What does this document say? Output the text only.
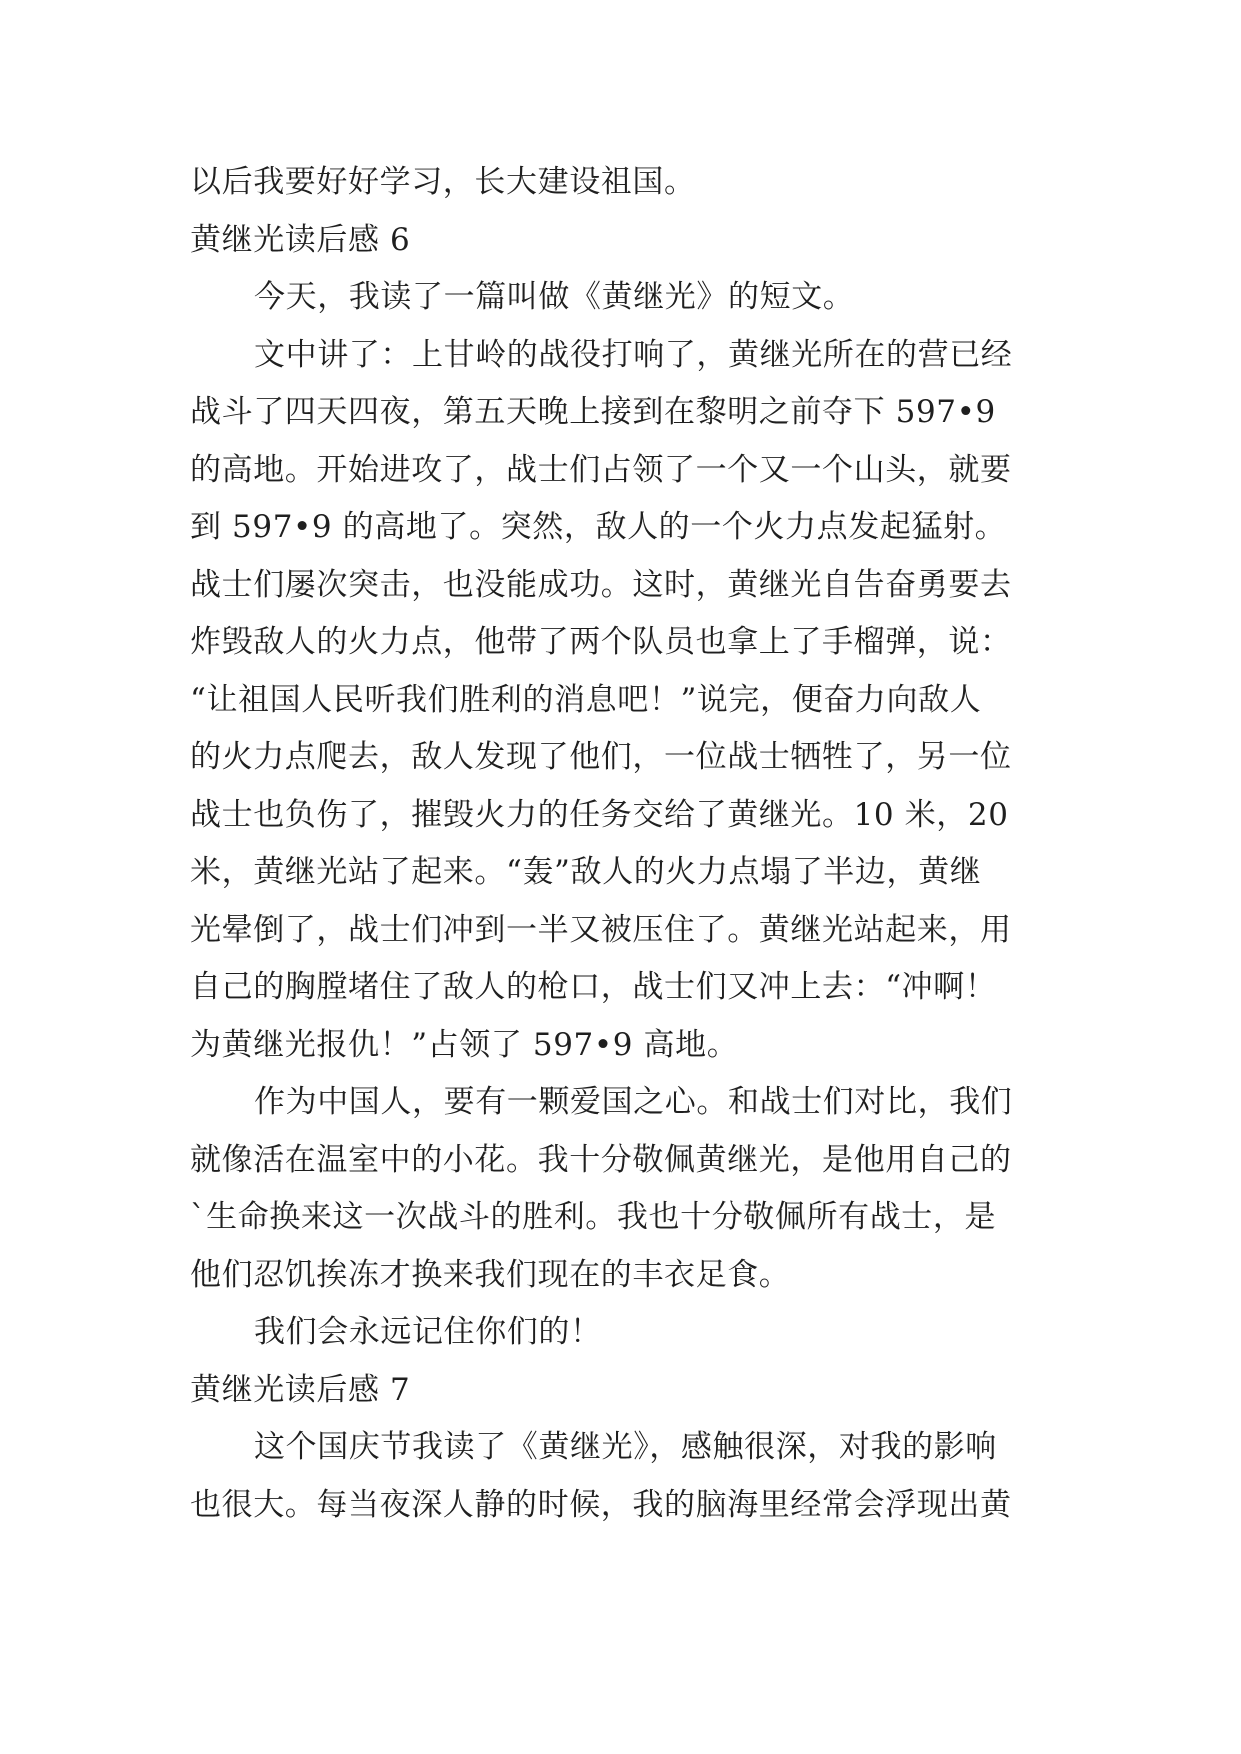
以后我要好好学习，长大建设祖国。
黄继光读后感 6
今天，我读了一篇叫做《黄继光》的短文。
文中讲了：上甘岭的战役打响了，黄继光所在的营已经
战斗了四天四夜，第五天晚上接到在黎明之前夺下 597•9
的高地。开始进攻了，战士们占领了一个又一个山头，就要
到 597•9 的高地了。突然，敌人的一个火力点发起猛射。
战士们屡次突击，也没能成功。这时，黄继光自告奋勇要去
炸毁敌人的火力点，他带了两个队员也拿上了手榴弹，说：
“让祖国人民听我们胜利的消息吧！”说完，便奋力向敌人
的火力点爬去，敌人发现了他们，一位战士牺牲了，另一位
战士也负伤了，摧毁火力的任务交给了黄继光。10 米，20
米，黄继光站了起来。“轰”敌人的火力点塌了半边，黄继
光晕倒了，战士们冲到一半又被压住了。黄继光站起来，用
自己的胸膛堵住了敌人的枪口，战士们又冲上去：“冲啊！
为黄继光报仇！”占领了 597•9 高地。
作为中国人，要有一颗爱国之心。和战士们对比，我们
就像活在温室中的小花。我十分敬佩黄继光，是他用自己的
`生命换来这一次战斗的胜利。我也十分敬佩所有战士，是
他们忍饥挨冻才换来我们现在的丰衣足食。
我们会永远记住你们的！
黄继光读后感 7
这个国庆节我读了《黄继光》，感触很深，对我的影响
也很大。每当夜深人静的时候，我的脑海里经常会浮现出黄
